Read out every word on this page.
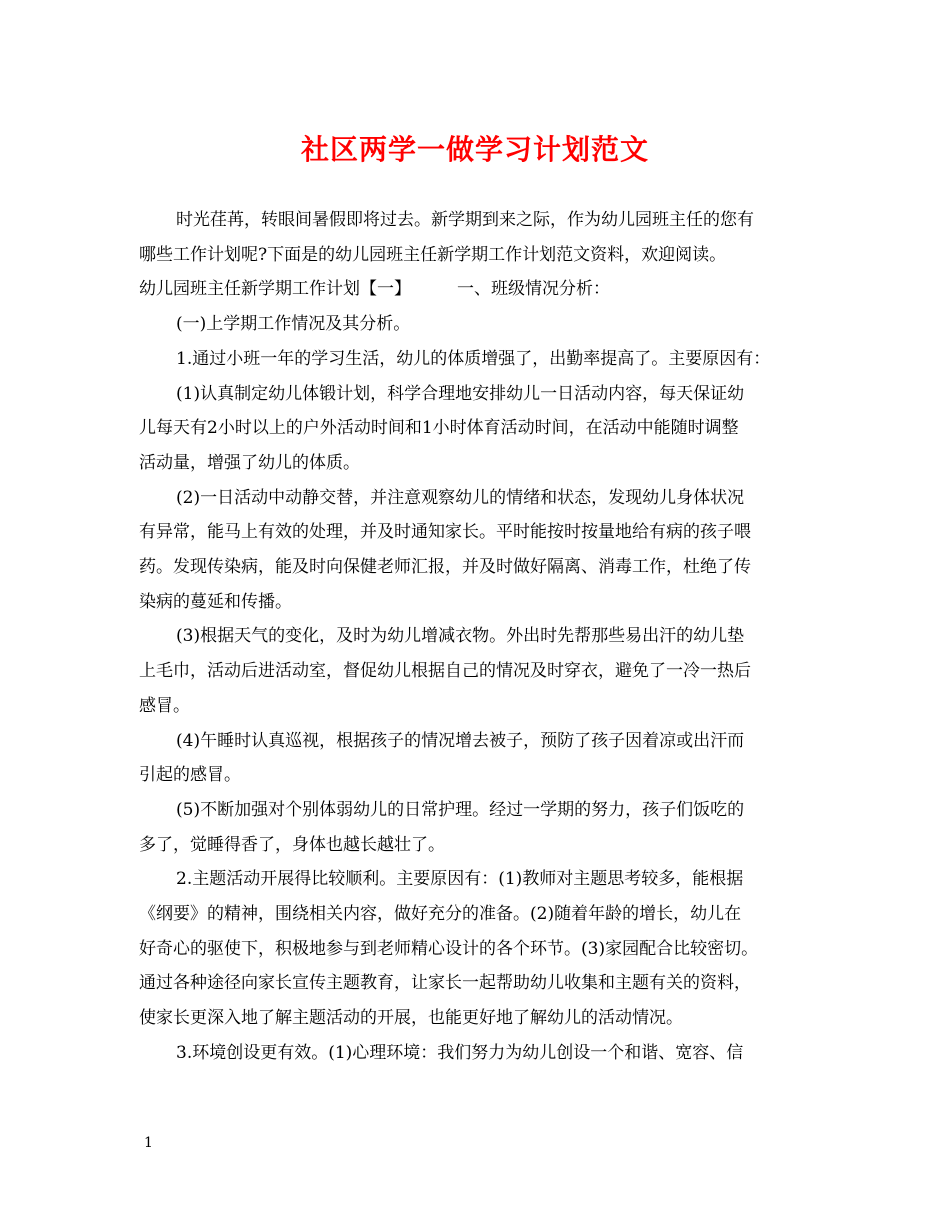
社区两学一做学习计划范文
时光荏苒，转眼间暑假即将过去。新学期到来之际，作为幼儿园班主任的您有
哪些工作计划呢?下面是的幼儿园班主任新学期工作计划范文资料，欢迎阅读。
幼儿园班主任新学期工作计划【一】	一、班级情况分析：
(一)上学期工作情况及其分析。
1.通过小班一年的学习生活，幼儿的体质增强了，出勤率提高了。主要原因有：
(1)认真制定幼儿体锻计划，科学合理地安排幼儿一日活动内容，每天保证幼
儿每天有2小时以上的户外活动时间和1小时体育活动时间，在活动中能随时调整
活动量，增强了幼儿的体质。
(2)一日活动中动静交替，并注意观察幼儿的情绪和状态，发现幼儿身体状况
有异常，能马上有效的处理，并及时通知家长。平时能按时按量地给有病的孩子喂
药。发现传染病，能及时向保健老师汇报，并及时做好隔离、消毒工作，杜绝了传
染病的蔓延和传播。
(3)根据天气的变化，及时为幼儿增减衣物。外出时先帮那些易出汗的幼儿垫
上毛巾，活动后进活动室，督促幼儿根据自己的情况及时穿衣，避免了一冷一热后
感冒。
(4)午睡时认真巡视，根据孩子的情况增去被子，预防了孩子因着凉或出汗而
引起的感冒。
(5)不断加强对个别体弱幼儿的日常护理。经过一学期的努力，孩子们饭吃的
多了，觉睡得香了，身体也越长越壮了。
2.主题活动开展得比较顺利。主要原因有：(1)教师对主题思考较多，能根据
《纲要》的精神，围绕相关内容，做好充分的准备。(2)随着年龄的增长，幼儿在
好奇心的驱使下，积极地参与到老师精心设计的各个环节。(3)家园配合比较密切。
通过各种途径向家长宣传主题教育，让家长一起帮助幼儿收集和主题有关的资料，
使家长更深入地了解主题活动的开展，也能更好地了解幼儿的活动情况。
3.环境创设更有效。(1)心理环境：我们努力为幼儿创设一个和谐、宽容、信
1
